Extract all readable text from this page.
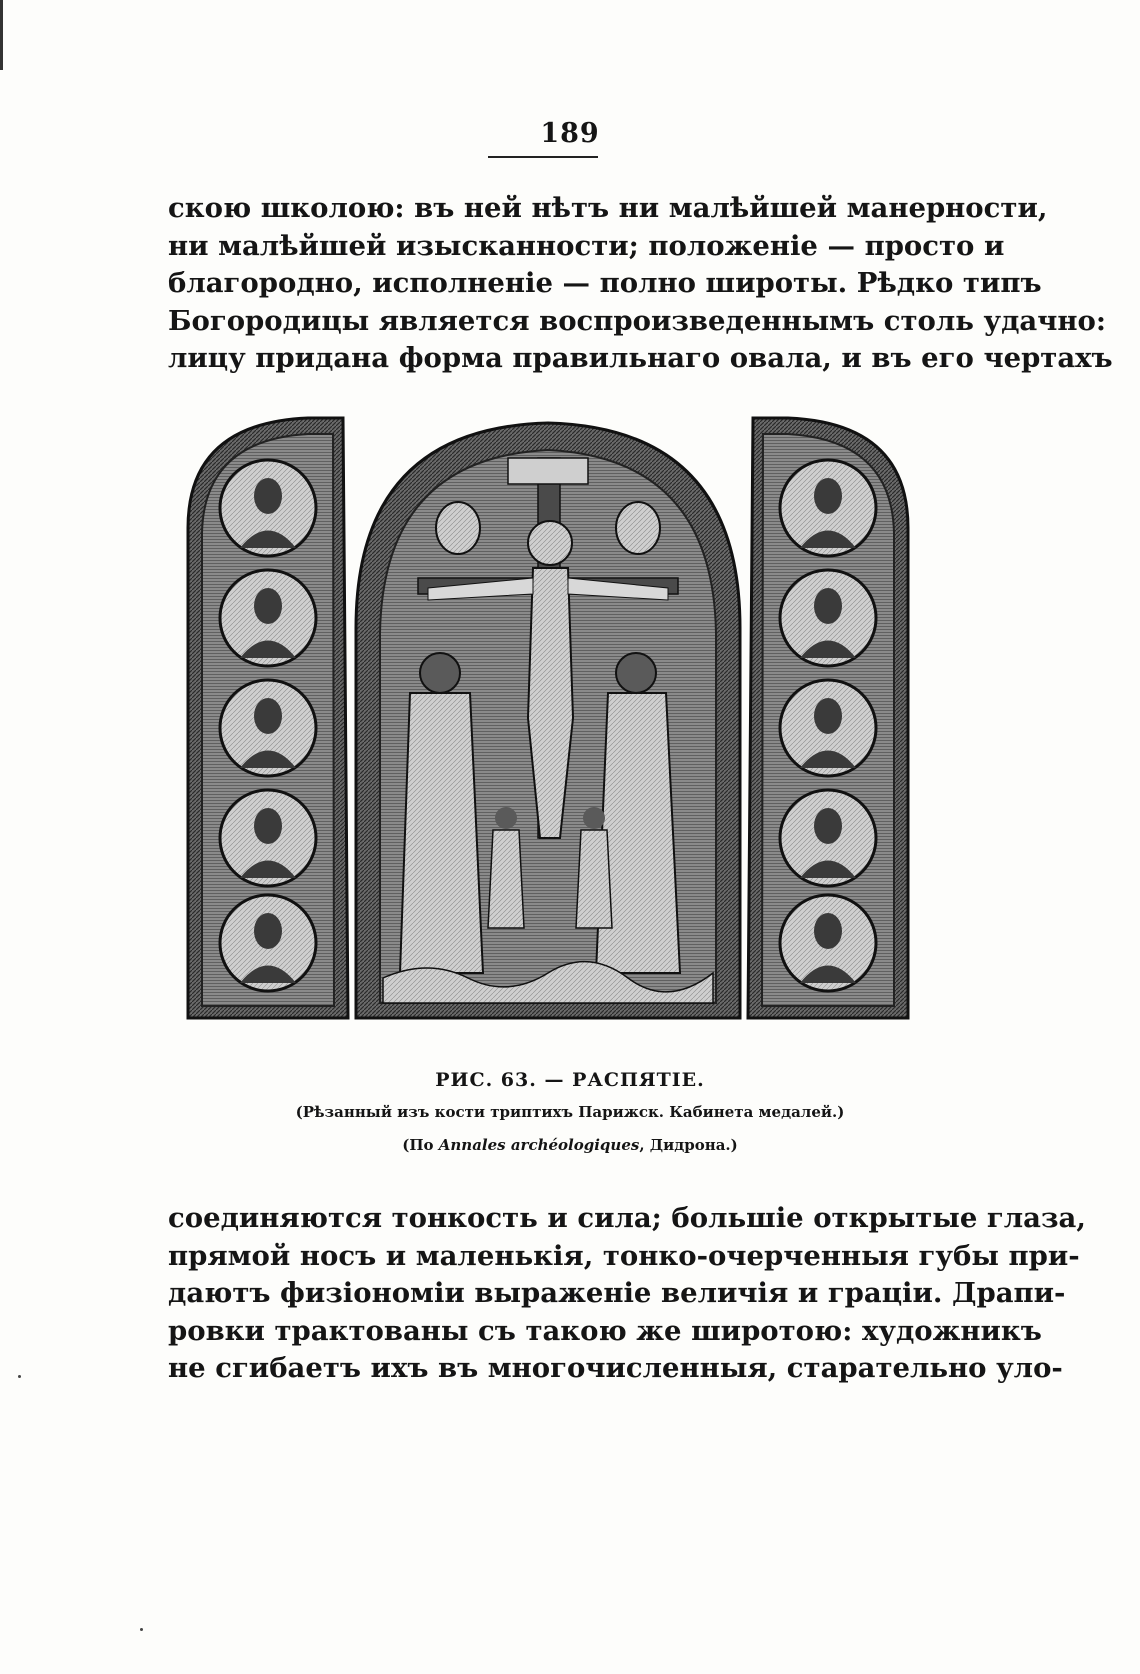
189
скою школою: въ ней нѣтъ ни малѣйшей манерности,
ни малѣйшей изысканности; положеніе — просто и
благородно, исполненіе — полно широты. Рѣдко типъ
Богородицы является воспроизведеннымъ столь удачно:
лицу придана форма правильнаго овала, и въ его чертахъ
РИС. 63. — РАСПЯТІЕ.
(Рѣзанный изъ кости триптихъ Парижск. Кабинета медалей.)
(По Annales archéologiques, Дидрона.)
соединяются тонкость и сила; большіе открытые глаза,
прямой носъ и маленькія, тонко-очерченныя губы при-
даютъ физіономіи выраженіе величія и граціи. Драпи-
ровки трактованы съ такою же широтою: художникъ
не сгибаетъ ихъ въ многочисленныя, старательно уло-
